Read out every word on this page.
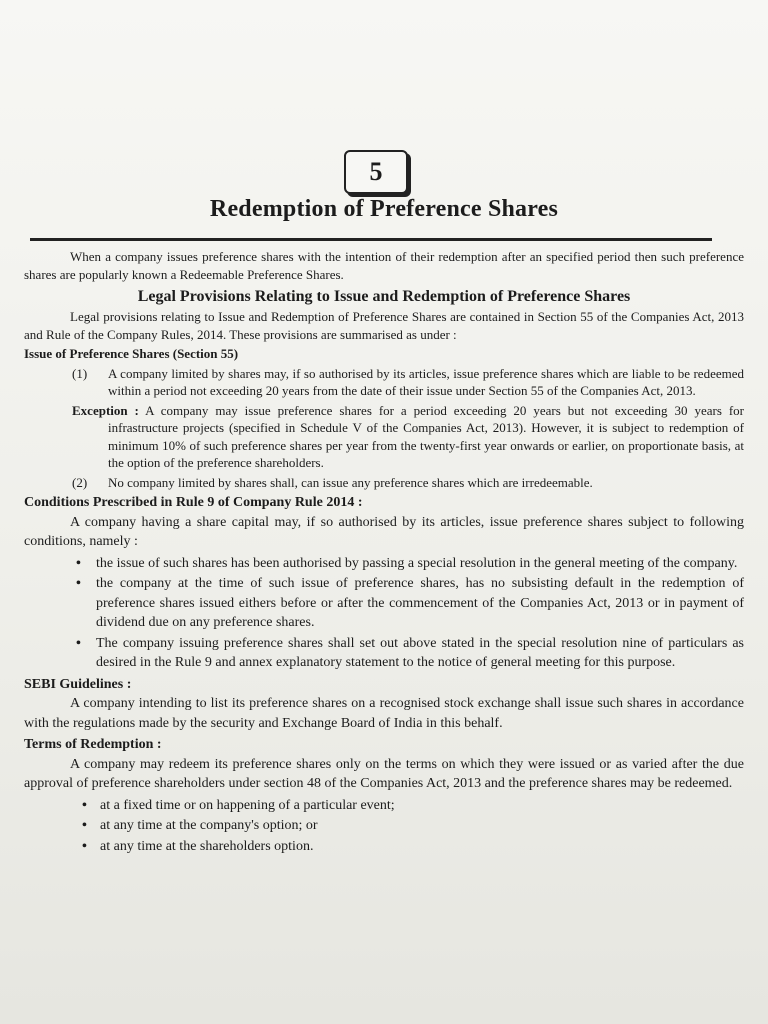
5
Redemption of Preference Shares

When a company issues preference shares with the intention of their redemption after an specified period then such preference shares are popularly known a Redeemable Preference Shares.

Legal Provisions Relating to Issue and Redemption of Preference Shares

Legal provisions relating to Issue and Redemption of Preference Shares are contained in Section 55 of the Companies Act, 2013 and Rule of the Company Rules, 2014. These provisions are summarised as under :

Issue of Preference Shares (Section 55)
(1)	A company limited by shares may, if so authorised by its articles, issue preference shares which are liable to be redeemed within a period not exceeding 20 years from the date of their issue under Section 55 of the Companies Act, 2013.
Exception : A company may issue preference shares for a period exceeding 20 years but not exceeding 30 years for infrastructure projects (specified in Schedule V of the Companies Act, 2013). However, it is subject to redemption of minimum 10% of such preference shares per year from the twenty-first year onwards or earlier, on proportionate basis, at the option of the preference shareholders.
(2)	No company limited by shares shall, can issue any preference shares which are irredeemable.
Conditions Prescribed in Rule 9 of Company Rule 2014 :

A company having a share capital may, if so authorised by its articles, issue preference shares subject to following conditions, namely :

• the issue of such shares has been authorised by passing a special resolution in the general meeting of the company.
• the company at the time of such issue of preference shares, has no subsisting default in the redemption of preference shares issued eithers before or after the commencement of the Companies Act, 2013 or in payment of dividend due on any preference shares.
• The company issuing preference shares shall set out above stated in the special resolution nine of particulars as desired in the Rule 9 and annex explanatory statement to the notice of general meeting for this purpose.
SEBI Guidelines :

A company intending to list its preference shares on a recognised stock exchange shall issue such shares in accordance with the regulations made by the security and Exchange Board of India in this behalf.

Terms of Redemption :

A company may redeem its preference shares only on the terms on which they were issued or as varied after the due approval of preference shareholders under section 48 of the Companies Act, 2013 and the preference shares may be redeemed.

• at a fixed time or on happening of a particular event;
• at any time at the company's option; or
• at any time at the shareholders option.
